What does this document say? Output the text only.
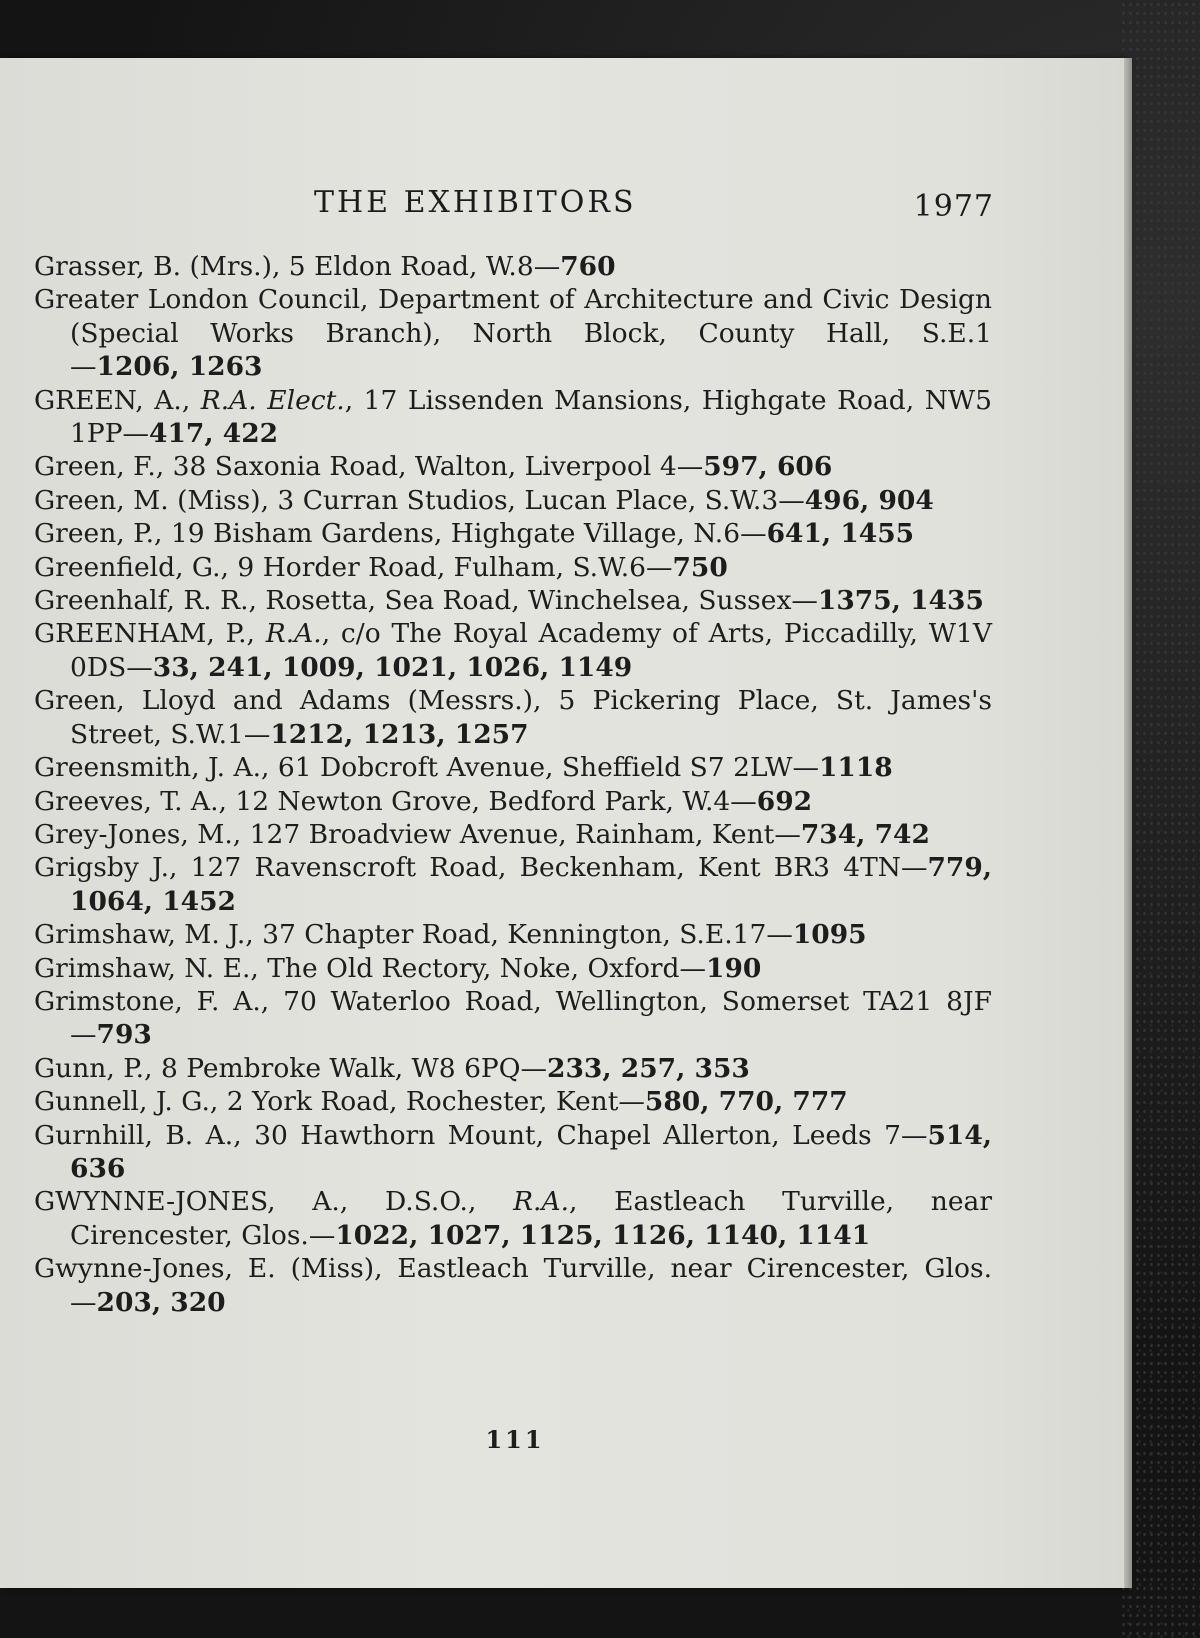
THE EXHIBITORS	1977
Grasser, B. (Mrs.), 5 Eldon Road, W.8—760
Greater London Council, Department of Architecture and Civic Design (Special Works Branch), North Block, County Hall, S.E.1—1206, 1263
GREEN, A., R.A. Elect., 17 Lissenden Mansions, Highgate Road, NW5 1PP—417, 422
Green, F., 38 Saxonia Road, Walton, Liverpool 4—597, 606
Green, M. (Miss), 3 Curran Studios, Lucan Place, S.W.3—496, 904
Green, P., 19 Bisham Gardens, Highgate Village, N.6—641, 1455
Greenfield, G., 9 Horder Road, Fulham, S.W.6—750
Greenhalf, R. R., Rosetta, Sea Road, Winchelsea, Sussex—1375, 1435
GREENHAM, P., R.A., c/o The Royal Academy of Arts, Piccadilly, W1V 0DS—33, 241, 1009, 1021, 1026, 1149
Green, Lloyd and Adams (Messrs.), 5 Pickering Place, St. James's Street, S.W.1—1212, 1213, 1257
Greensmith, J. A., 61 Dobcroft Avenue, Sheffield S7 2LW—1118
Greeves, T. A., 12 Newton Grove, Bedford Park, W.4—692
Grey-Jones, M., 127 Broadview Avenue, Rainham, Kent—734, 742
Grigsby J., 127 Ravenscroft Road, Beckenham, Kent BR3 4TN—779, 1064, 1452
Grimshaw, M. J., 37 Chapter Road, Kennington, S.E.17—1095
Grimshaw, N. E., The Old Rectory, Noke, Oxford—190
Grimstone, F. A., 70 Waterloo Road, Wellington, Somerset TA21 8JF—793
Gunn, P., 8 Pembroke Walk, W8 6PQ—233, 257, 353
Gunnell, J. G., 2 York Road, Rochester, Kent—580, 770, 777
Gurnhill, B. A., 30 Hawthorn Mount, Chapel Allerton, Leeds 7—514, 636
GWYNNE-JONES, A., D.S.O., R.A., Eastleach Turville, near Cirencester, Glos.—1022, 1027, 1125, 1126, 1140, 1141
Gwynne-Jones, E. (Miss), Eastleach Turville, near Cirencester, Glos.—203, 320
111
